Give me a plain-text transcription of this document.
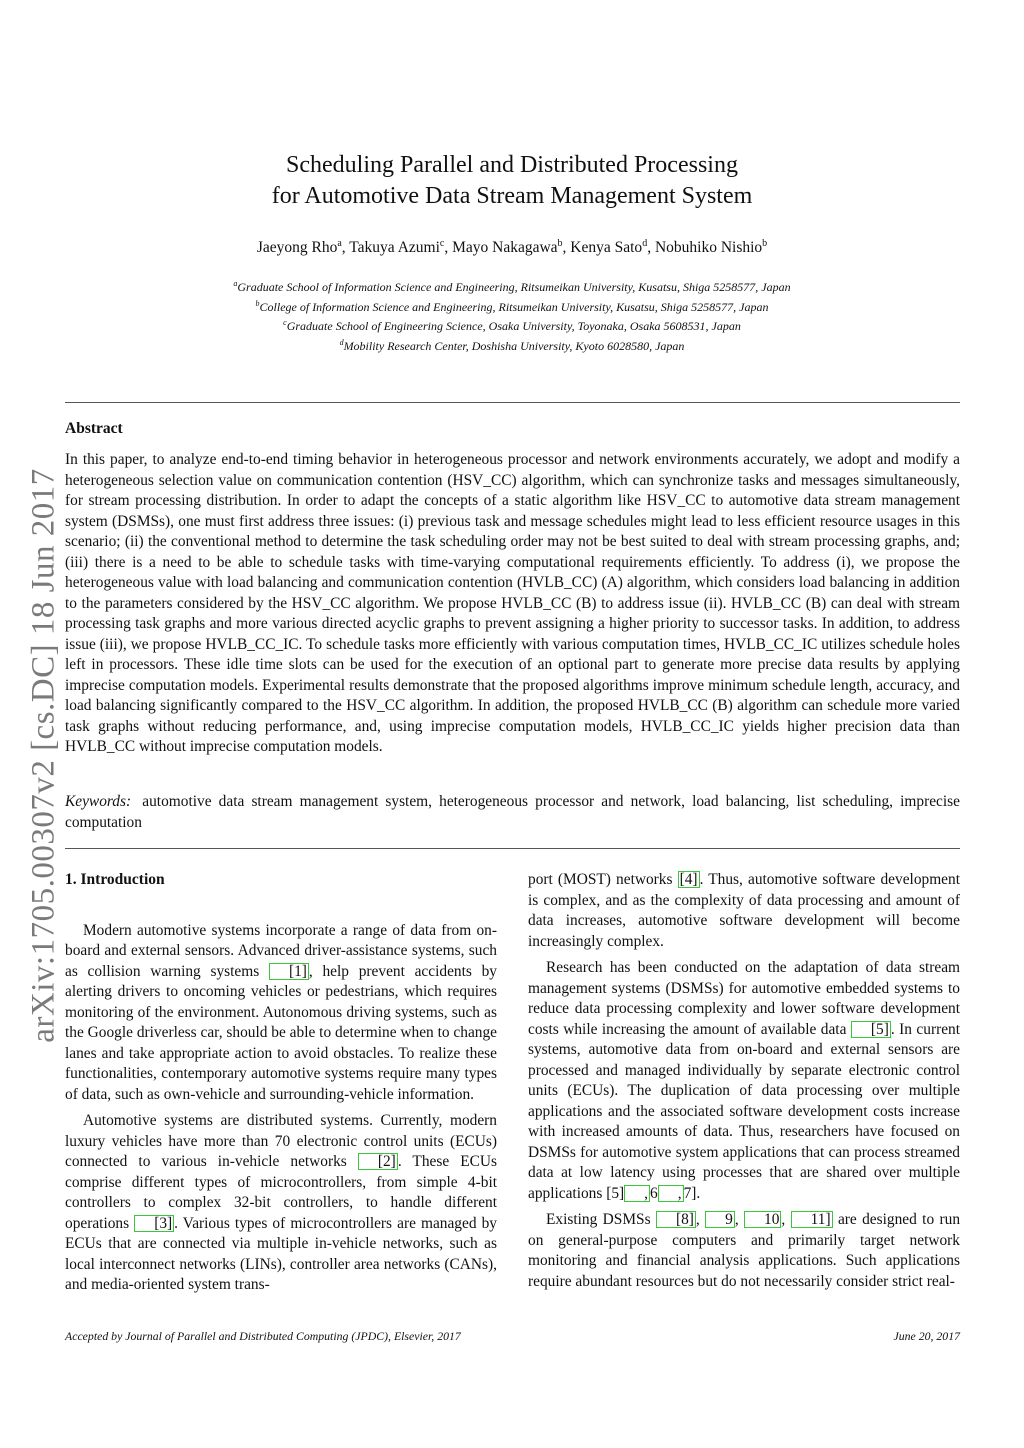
arXiv:1705.00307v2 [cs.DC] 18 Jun 2017
Scheduling Parallel and Distributed Processing
for Automotive Data Stream Management System
Jaeyong Rho$^a$, Takuya Azumi$^c$, Mayo Nakagawa$^b$, Kenya Sato$^d$, Nobuhiko Nishio$^b$
$^a$Graduate School of Information Science and Engineering, Ritsumeikan University, Kusatsu, Shiga 5258577, Japan
$^b$College of Information Science and Engineering, Ritsumeikan University, Kusatsu, Shiga 5258577, Japan
$^c$Graduate School of Engineering Science, Osaka University, Toyonaka, Osaka 5608531, Japan
$^d$Mobility Research Center, Doshisha University, Kyoto 6028580, Japan
Abstract

In this paper, to analyze end-to-end timing behavior in heterogeneous processor and network environments accurately, we adopt and modify a heterogeneous selection value on communication contention (HSV_CC) algorithm, which can synchronize tasks and messages simultaneously, for stream processing distribution. In order to adapt the concepts of a static algorithm like HSV_CC to automotive data stream management system (DSMSs), one must first address three issues: (i) previous task and message schedules might lead to less efficient resource usages in this scenario; (ii) the conventional method to determine the task scheduling order may not be best suited to deal with stream processing graphs, and; (iii) there is a need to be able to schedule tasks with time-varying computational requirements efficiently. To address (i), we propose the heterogeneous value with load balancing and communication contention (HVLB_CC) (A) algorithm, which considers load balancing in addition to the parameters considered by the HSV_CC algorithm. We propose HVLB_CC (B) to address issue (ii). HVLB_CC (B) can deal with stream processing task graphs and more various directed acyclic graphs to prevent assigning a higher priority to successor tasks. In addition, to address issue (iii), we propose HVLB_CC_IC. To schedule tasks more efficiently with various computation times, HVLB_CC_IC utilizes schedule holes left in processors. These idle time slots can be used for the execution of an optional part to generate more precise data results by applying imprecise computation models. Experimental results demonstrate that the proposed algorithms improve minimum schedule length, accuracy, and load balancing significantly compared to the HSV_CC algorithm. In addition, the proposed HVLB_CC (B) algorithm can schedule more varied task graphs without reducing performance, and, using imprecise computation models, HVLB_CC_IC yields higher precision data than HVLB_CC without imprecise computation models.

Keywords: automotive data stream management system, heterogeneous processor and network, load balancing, list scheduling, imprecise computation
1. Introduction

Modern automotive systems incorporate a range of data from on-board and external sensors. Advanced driver-assistance systems, such as collision warning systems [1] , help prevent accidents by alerting drivers to oncoming vehicles or pedestrians, which requires monitoring of the environment. Autonomous driving systems, such as the Google driverless car, should be able to determine when to change lanes and take appropriate action to avoid obstacles. To realize these functionalities, contemporary automotive systems require many types of data, such as own-vehicle and surrounding-vehicle information.

Automotive systems are distributed systems. Currently, modern luxury vehicles have more than 70 electronic control units (ECUs) connected to various in-vehicle networks [2] . These ECUs comprise different types of microcontrollers, from simple 4-bit controllers to complex 32-bit controllers, to handle different operations [3] . Various types of microcontrollers are managed by ECUs that are connected via multiple in-vehicle networks, such as local interconnect networks (LINs), controller area networks (CANs), and media-oriented system trans-

port (MOST) networks [4] . Thus, automotive software development is complex, and as the complexity of data processing and amount of data increases, automotive software development will become increasingly complex.

Research has been conducted on the adaptation of data stream management systems (DSMSs) for automotive embedded systems to reduce data processing complexity and lower software development costs while increasing the amount of available data [5] . In current systems, automotive data from on-board and external sensors are processed and managed individually by separate electronic control units (ECUs). The duplication of data processing over multiple applications and the associated software development costs increase with increased amounts of data. Thus, researchers have focused on DSMSs for automotive system applications that can process streamed data at low latency using processes that are shared over multiple applications [5] ,6 ,7].

Existing DSMSs [8] , 9 , 10 , 11] are designed to run on general-purpose computers and primarily target network monitoring and financial analysis applications. Such applications require abundant resources but do not necessarily consider strict real-

Accepted by Journal of Parallel and Distributed Computing (JPDC), Elsevier, 2017	June 20, 2017
